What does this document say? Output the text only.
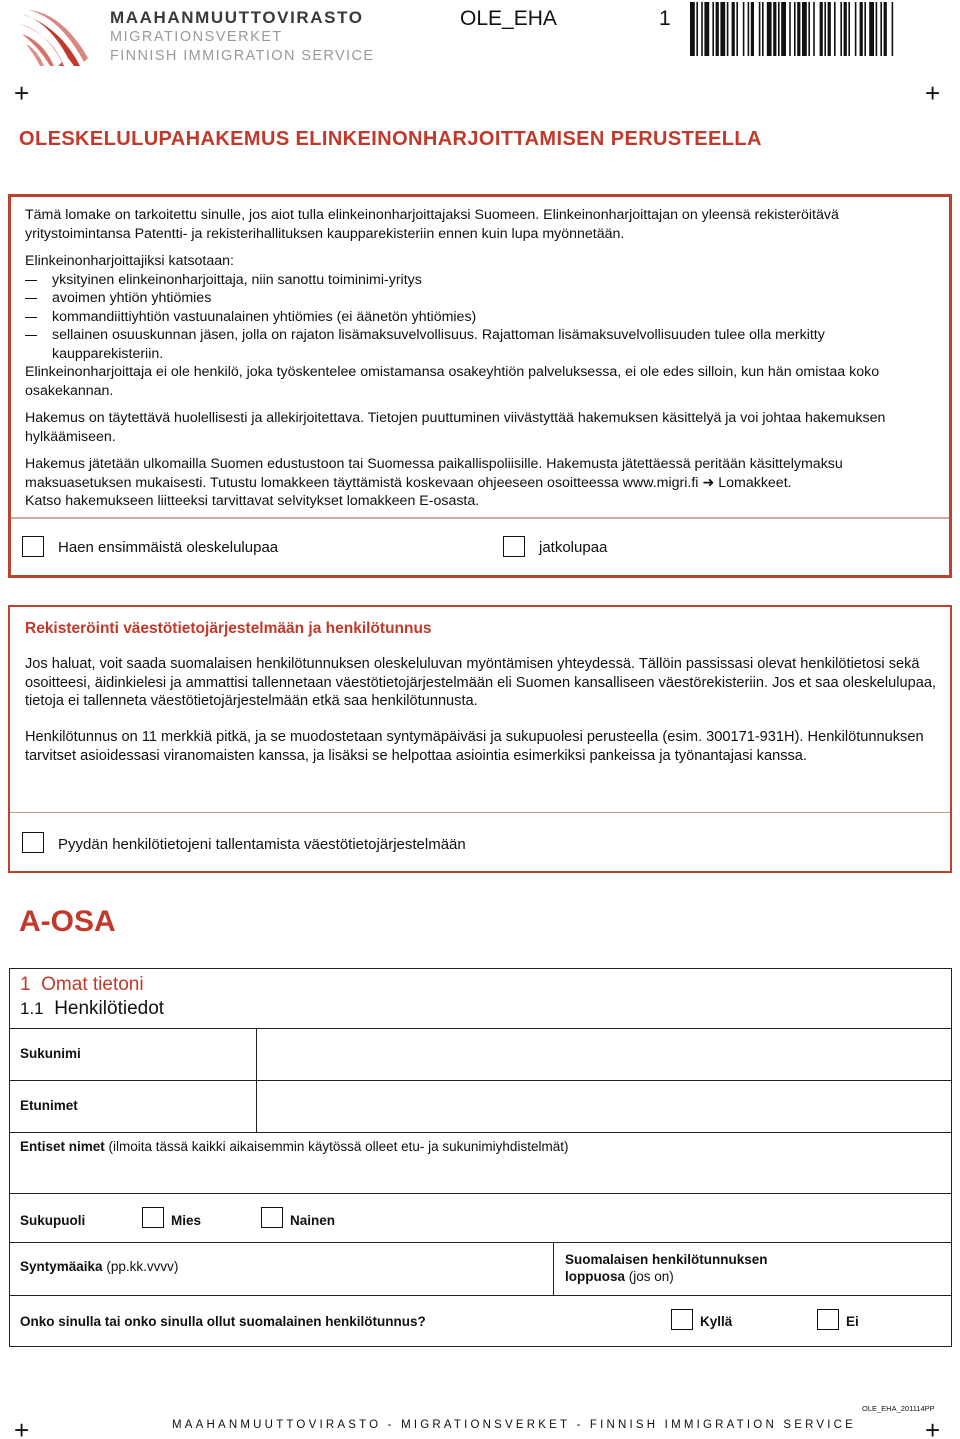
MAAHANMUUTTOVIRASTO
MIGRATIONSVERKET
FINNISH IMMIGRATION SERVICE
OLE_EHA	1
+	+
OLESKELULUPAHAKEMUS ELINKEINONHARJOITTAMISEN PERUSTEELLA

Tämä lomake on tarkoitettu sinulle, jos aiot tulla elinkeinonharjoittajaksi Suomeen. Elinkeinonharjoittajan on yleensä rekisteröitävä yritystoimintansa Patentti- ja rekisterihallituksen kaupparekisteriin ennen kuin lupa myönnetään.

Elinkeinonharjoittajiksi katsotaan:

yksityinen elinkeinonharjoittaja, niin sanottu toiminimi-yritys
avoimen yhtiön yhtiömies
kommandiittiyhtiön vastuunalainen yhtiömies (ei äänetön yhtiömies)
sellainen osuuskunnan jäsen, jolla on rajaton lisämaksuvelvollisuus. Rajattoman lisämaksuvelvollisuuden tulee olla merkitty kaupparekisteriin.

Elinkeinonharjoittaja ei ole henkilö, joka työskentelee omistamansa osakeyhtiön palveluksessa, ei ole edes silloin, kun hän omistaa koko osakekannan.

Hakemus on täytettävä huolellisesti ja allekirjoitettava. Tietojen puuttuminen viivästyttää hakemuksen käsittelyä ja voi johtaa hakemuksen hylkäämiseen.

Hakemus jätetään ulkomailla Suomen edustustoon tai Suomessa paikallispoliisille. Hakemusta jätettäessä peritään käsittelymaksu maksuasetuksen mukaisesti. Tutustu lomakkeen täyttämistä koskevaan ohjeeseen osoitteessa www.migri.fi ➜ Lomakkeet.

Katso hakemukseen liitteeksi tarvittavat selvitykset lomakkeen E-osasta.

Haen ensimmäistä oleskelulupaa	jatkolupaa
Rekisteröinti väestötietojärjestelmään ja henkilötunnus

Jos haluat, voit saada suomalaisen henkilötunnuksen oleskeluluvan myöntämisen yhteydessä. Tällöin passissasi olevat henkilötietosi sekä osoitteesi, äidinkielesi ja ammattisi tallennetaan väestötietojärjestelmään eli Suomen kansalliseen väestörekisteriin. Jos et saa oleskelulupaa, tietoja ei tallenneta väestötietojärjestelmään etkä saa henkilötunnusta.

Henkilötunnus on 11 merkkiä pitkä, ja se muodostetaan syntymäpäiväsi ja sukupuolesi perusteella (esim. 300171-931H). Henkilötunnuksen tarvitset asioidessasi viranomaisten kanssa, ja lisäksi se helpottaa asiointia esimerkiksi pankeissa ja työnantajasi kanssa.

Pyydän henkilötietojeni tallentamista väestötietojärjestelmään
A-OSA
1 Omat tietoni
1.1 Henkilötiedot
Sukunimi
Etunimet
Entiset nimet (ilmoita tässä kaikki aikaisemmin käytössä olleet etu- ja sukunimiyhdistelmät)
Sukupuoli	Mies	Nainen
Syntymäaika (pp.kk.vvvv)	Suomalaisen henkilötunnuksen
loppuosa (jos on)
Onko sinulla tai onko sinulla ollut suomalainen henkilötunnus?	Kyllä	Ei
OLE_EHA_201114PP
+	MAAHANMUUTTOVIRASTO - MIGRATIONSVERKET - FINNISH IMMIGRATION SERVICE	+
